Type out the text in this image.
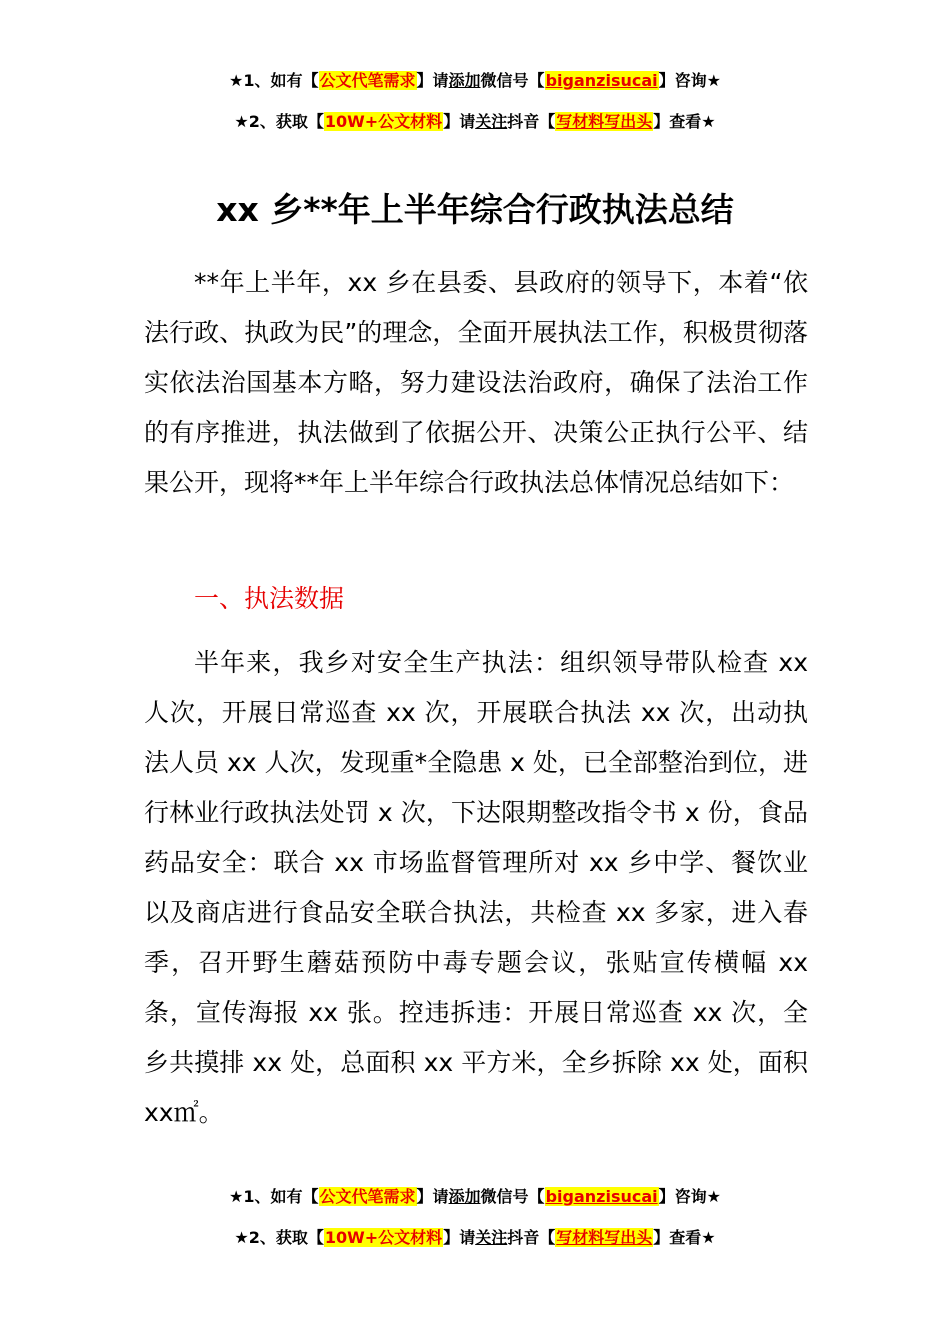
★1、如有【公文代笔需求】请添加微信号【biganzisucai】咨询★
★2、获取【10W+公文材料】请关注抖音【写材料写出头】查看★
xx 乡**年上半年综合行政执法总结
**年上半年，xx 乡在县委、县政府的领导下，本着“依法行政、执政为民”的理念，全面开展执法工作，积极贯彻落实依法治国基本方略，努力建设法治政府，确保了法治工作的有序推进，执法做到了依据公开、决策公正执行公平、结果公开，现将**年上半年综合行政执法总体情况总结如下：
一、执法数据
半年来，我乡对安全生产执法：组织领导带队检查 xx 人次，开展日常巡查 xx 次，开展联合执法 xx 次，出动执法人员 xx 人次，发现重*全隐患 x 处，已全部整治到位，进行林业行政执法处罚 x 次，下达限期整改指令书 x 份，食品药品安全：联合 xx 市场监督管理所对 xx 乡中学、餐饮业以及商店进行食品安全联合执法，共检查 xx 多家，进入春季，召开野生蘑菇预防中毒专题会议，张贴宣传横幅 xx 条，宣传海报 xx 张。控违拆违：开展日常巡查 xx 次，全乡共摸排 xx 处，总面积 xx 平方米，全乡拆除 xx 处，面积 xx㎡。
★1、如有【公文代笔需求】请添加微信号【biganzisucai】咨询★
★2、获取【10W+公文材料】请关注抖音【写材料写出头】查看★
